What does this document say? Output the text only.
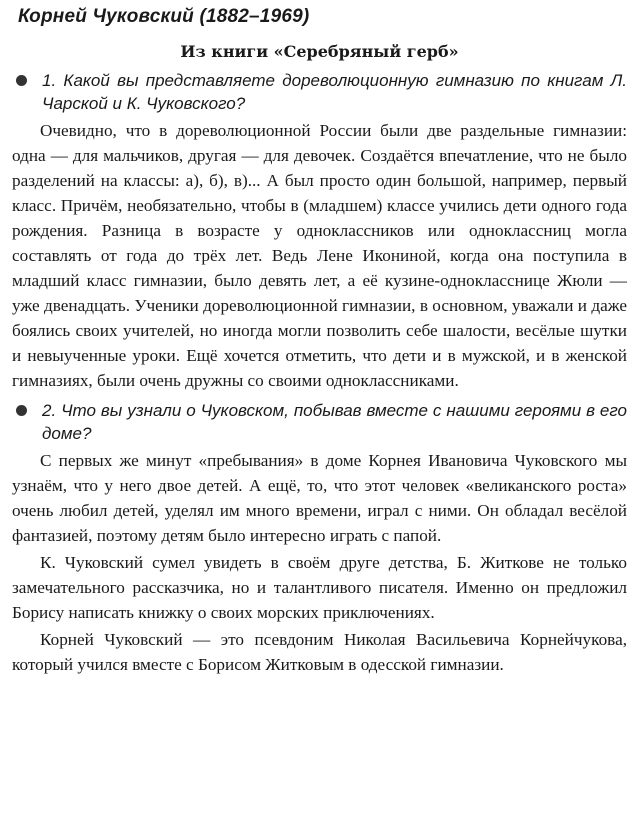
Корней Чуковский (1882–1969)
Из книги «Серебряный герб»
1. Какой вы представляете дореволюционную гимназию по книгам Л. Чарской и К. Чуковского?

Очевидно, что в дореволюционной России были две раздельные гимназии: одна — для мальчиков, другая — для девочек. Создаётся впечатление, что не было разделений на классы: а), б), в)... А был просто один большой, например, первый класс. Причём, необязательно, чтобы в (младшем) классе учились дети одного года рождения. Разница в возрасте у одноклассников или одноклассниц могла составлять от года до трёх лет. Ведь Лене Икониной, когда она поступила в младший класс гимназии, было девять лет, а её кузине-однокласснице Жюли — уже двенадцать. Ученики дореволюционной гимназии, в основном, уважали и даже боялись своих учителей, но иногда могли позволить себе шалости, весёлые шутки и невыученные уроки. Ещё хочется отметить, что дети и в мужской, и в женской гимназиях, были очень дружны со своими одноклассниками.

2. Что вы узнали о Чуковском, побывав вместе с нашими героями в его доме?

С первых же минут «пребывания» в доме Корнея Ивановича Чуковского мы узнаём, что у него двое детей. А ещё, то, что этот человек «великанского роста» очень любил детей, уделял им много времени, играл с ними. Он обладал весёлой фантазией, поэтому детям было интересно играть с папой.

К. Чуковский сумел увидеть в своём друге детства, Б. Житкове не только замечательного рассказчика, но и талантливого писателя. Именно он предложил Борису написать книжку о своих морских приключениях.

Корней Чуковский — это псевдоним Николая Васильевича Корнейчукова, который учился вместе с Борисом Житковым в одесской гимназии.
